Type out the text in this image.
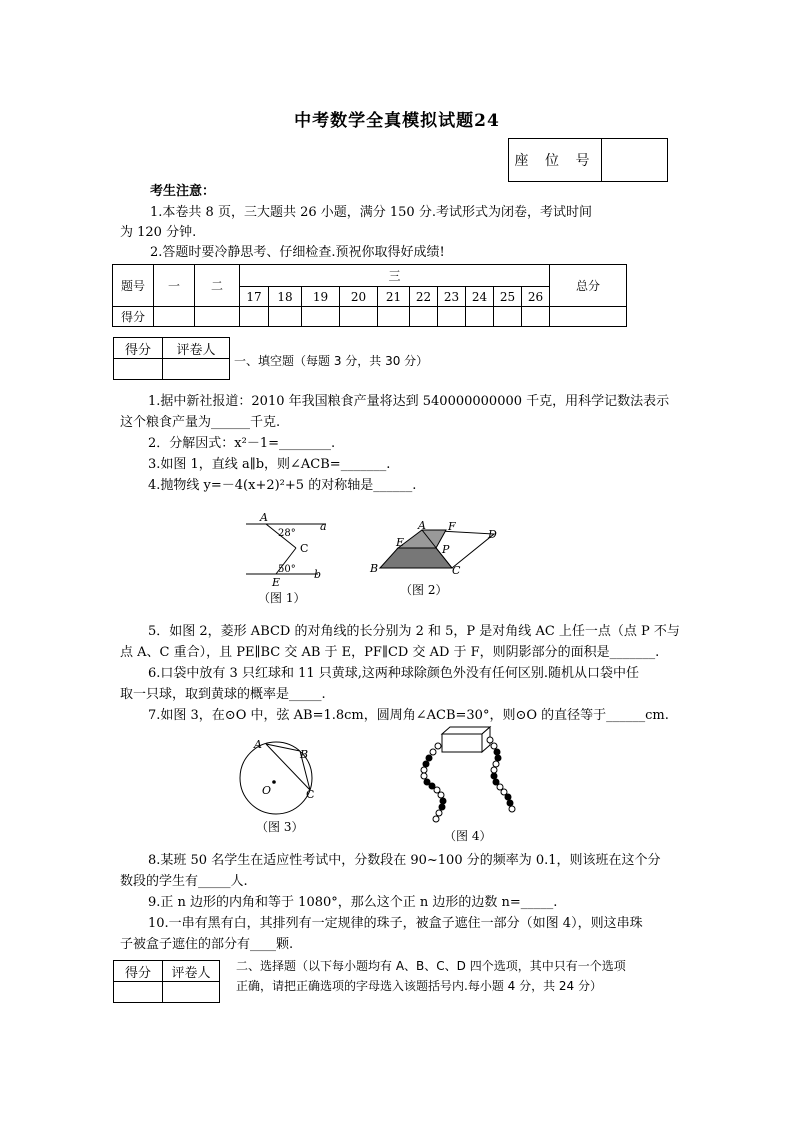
中考数学全真模拟试题24
座 位 号
考生注意：
1.本卷共 8 页，三大题共 26 小题，满分 150 分.考试形式为闭卷，考试时间
为 120 分钟.
2.答题时要冷静思考、仔细检查.预祝你取得好成绩!
题号	一	二	三										总分
			17	18	19	20	21	22	23	24	25	26	
得分													
得分	评卷人

一、填空题（每题 3 分，共 30 分）
1.据中新社报道：2010 年我国粮食产量将达到 540000000000 千克，用科学记数法表示
这个粮食产量为______千克.
2．分解因式：x²－1=________.
3.如图 1，直线 a∥b，则∠ACB=_______.
4.抛物线 y=－4(x+2)²+5 的对称轴是______.
A
28°
a
C
50°
E
b
（图 1）
A F
D
E
P
B	C
（图 2）
5．如图 2，菱形 ABCD 的对角线的长分别为 2 和 5，P 是对角线 AC 上任一点（点 P 不与
点 A、C 重合），且 PE∥BC 交 AB 于 E，PF∥CD 交 AD 于 F，则阴影部分的面积是_______.
6.口袋中放有 3 只红球和 11 只黄球,这两种球除颜色外没有任何区别.随机从口袋中任
取一只球，取到黄球的概率是_____.
7.如图 3，在⊙O 中，弦 AB=1.8cm，圆周角∠ACB=30°，则⊙O 的直径等于______cm.
A
B
O	C
（图 3）
（图 4）
8.某班 50 名学生在适应性考试中，分数段在 90~100 分的频率为 0.1，则该班在这个分
数段的学生有_____人.
9.正 n 边形的内角和等于 1080°，那么这个正 n 边形的边数 n=_____.
10.一串有黑有白，其排列有一定规律的珠子，被盒子遮住一部分（如图 4），则这串珠
子被盒子遮住的部分有____颗.
得分	评卷人
	二、选择题（以下每小题均有 A、B、C、D 四个选项，其中只有一个选项
正确，请把正确选项的字母选入该题括号内.每小题 4 分，共 24 分）
